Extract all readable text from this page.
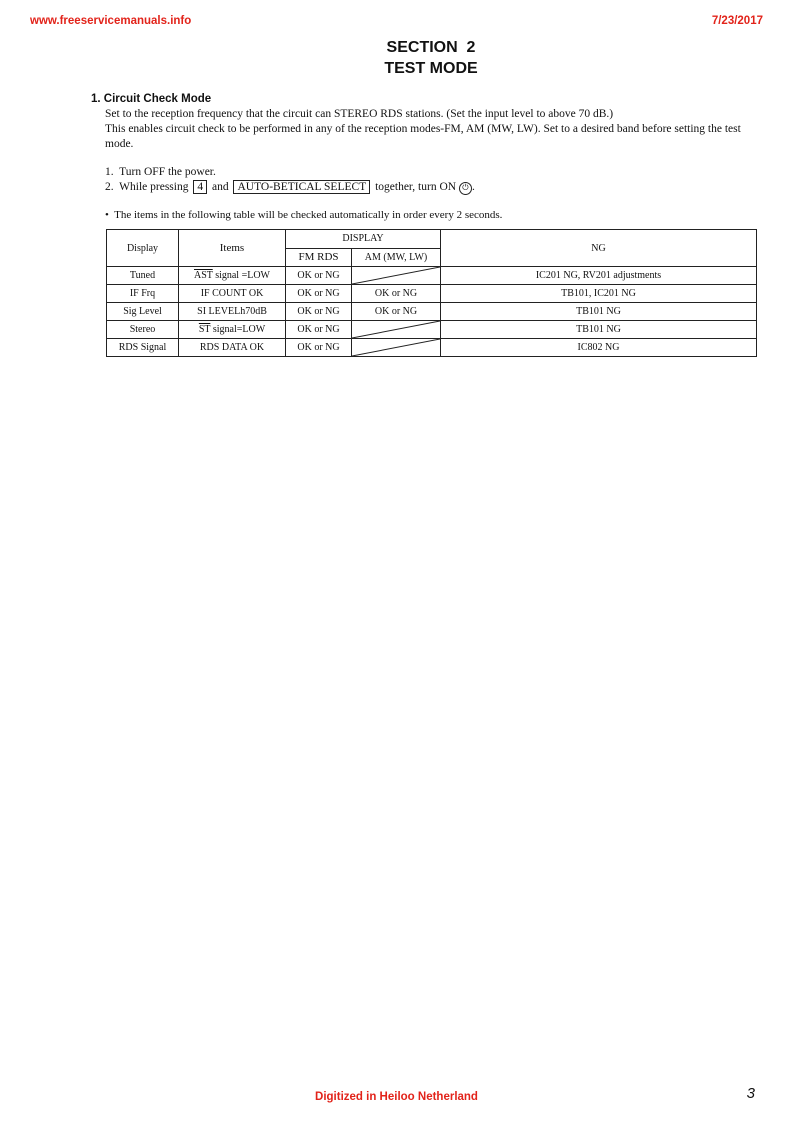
www.freeservicemanuals.info	7/23/2017
SECTION  2
TEST MODE
1. Circuit Check Mode
Set to the reception frequency that the circuit can STEREO RDS stations. (Set the input level to above 70 dB.)
This enables circuit check to be performed in any of the reception modes-FM, AM (MW, LW). Set to a desired band before setting the test
mode.
1.  Turn OFF the power.
2.  While pressing 4 and AUTO-BETICAL SELECT together, turn ON ⏻ .
•  The items in the following table will be checked automatically in order every 2 seconds.
Display	Items	DISPLAY		NG
		FM RDS	AM (MW, LW)	
Tuned	$\overline{AST}$ signal =LOW	OK or NG		IC201 NG, RV201 adjustments
IF Frq	IF COUNT OK	OK or NG	OK or NG	TB101, IC201 NG
Sig Level	SI LEVELh70dB	OK or NG	OK or NG	TB101 NG
Stereo	$\overline{ST}$ signal=LOW	OK or NG		TB101 NG
RDS Signal	RDS DATA OK	OK or NG		IC802 NG
Digitized in Heiloo Netherland	3
